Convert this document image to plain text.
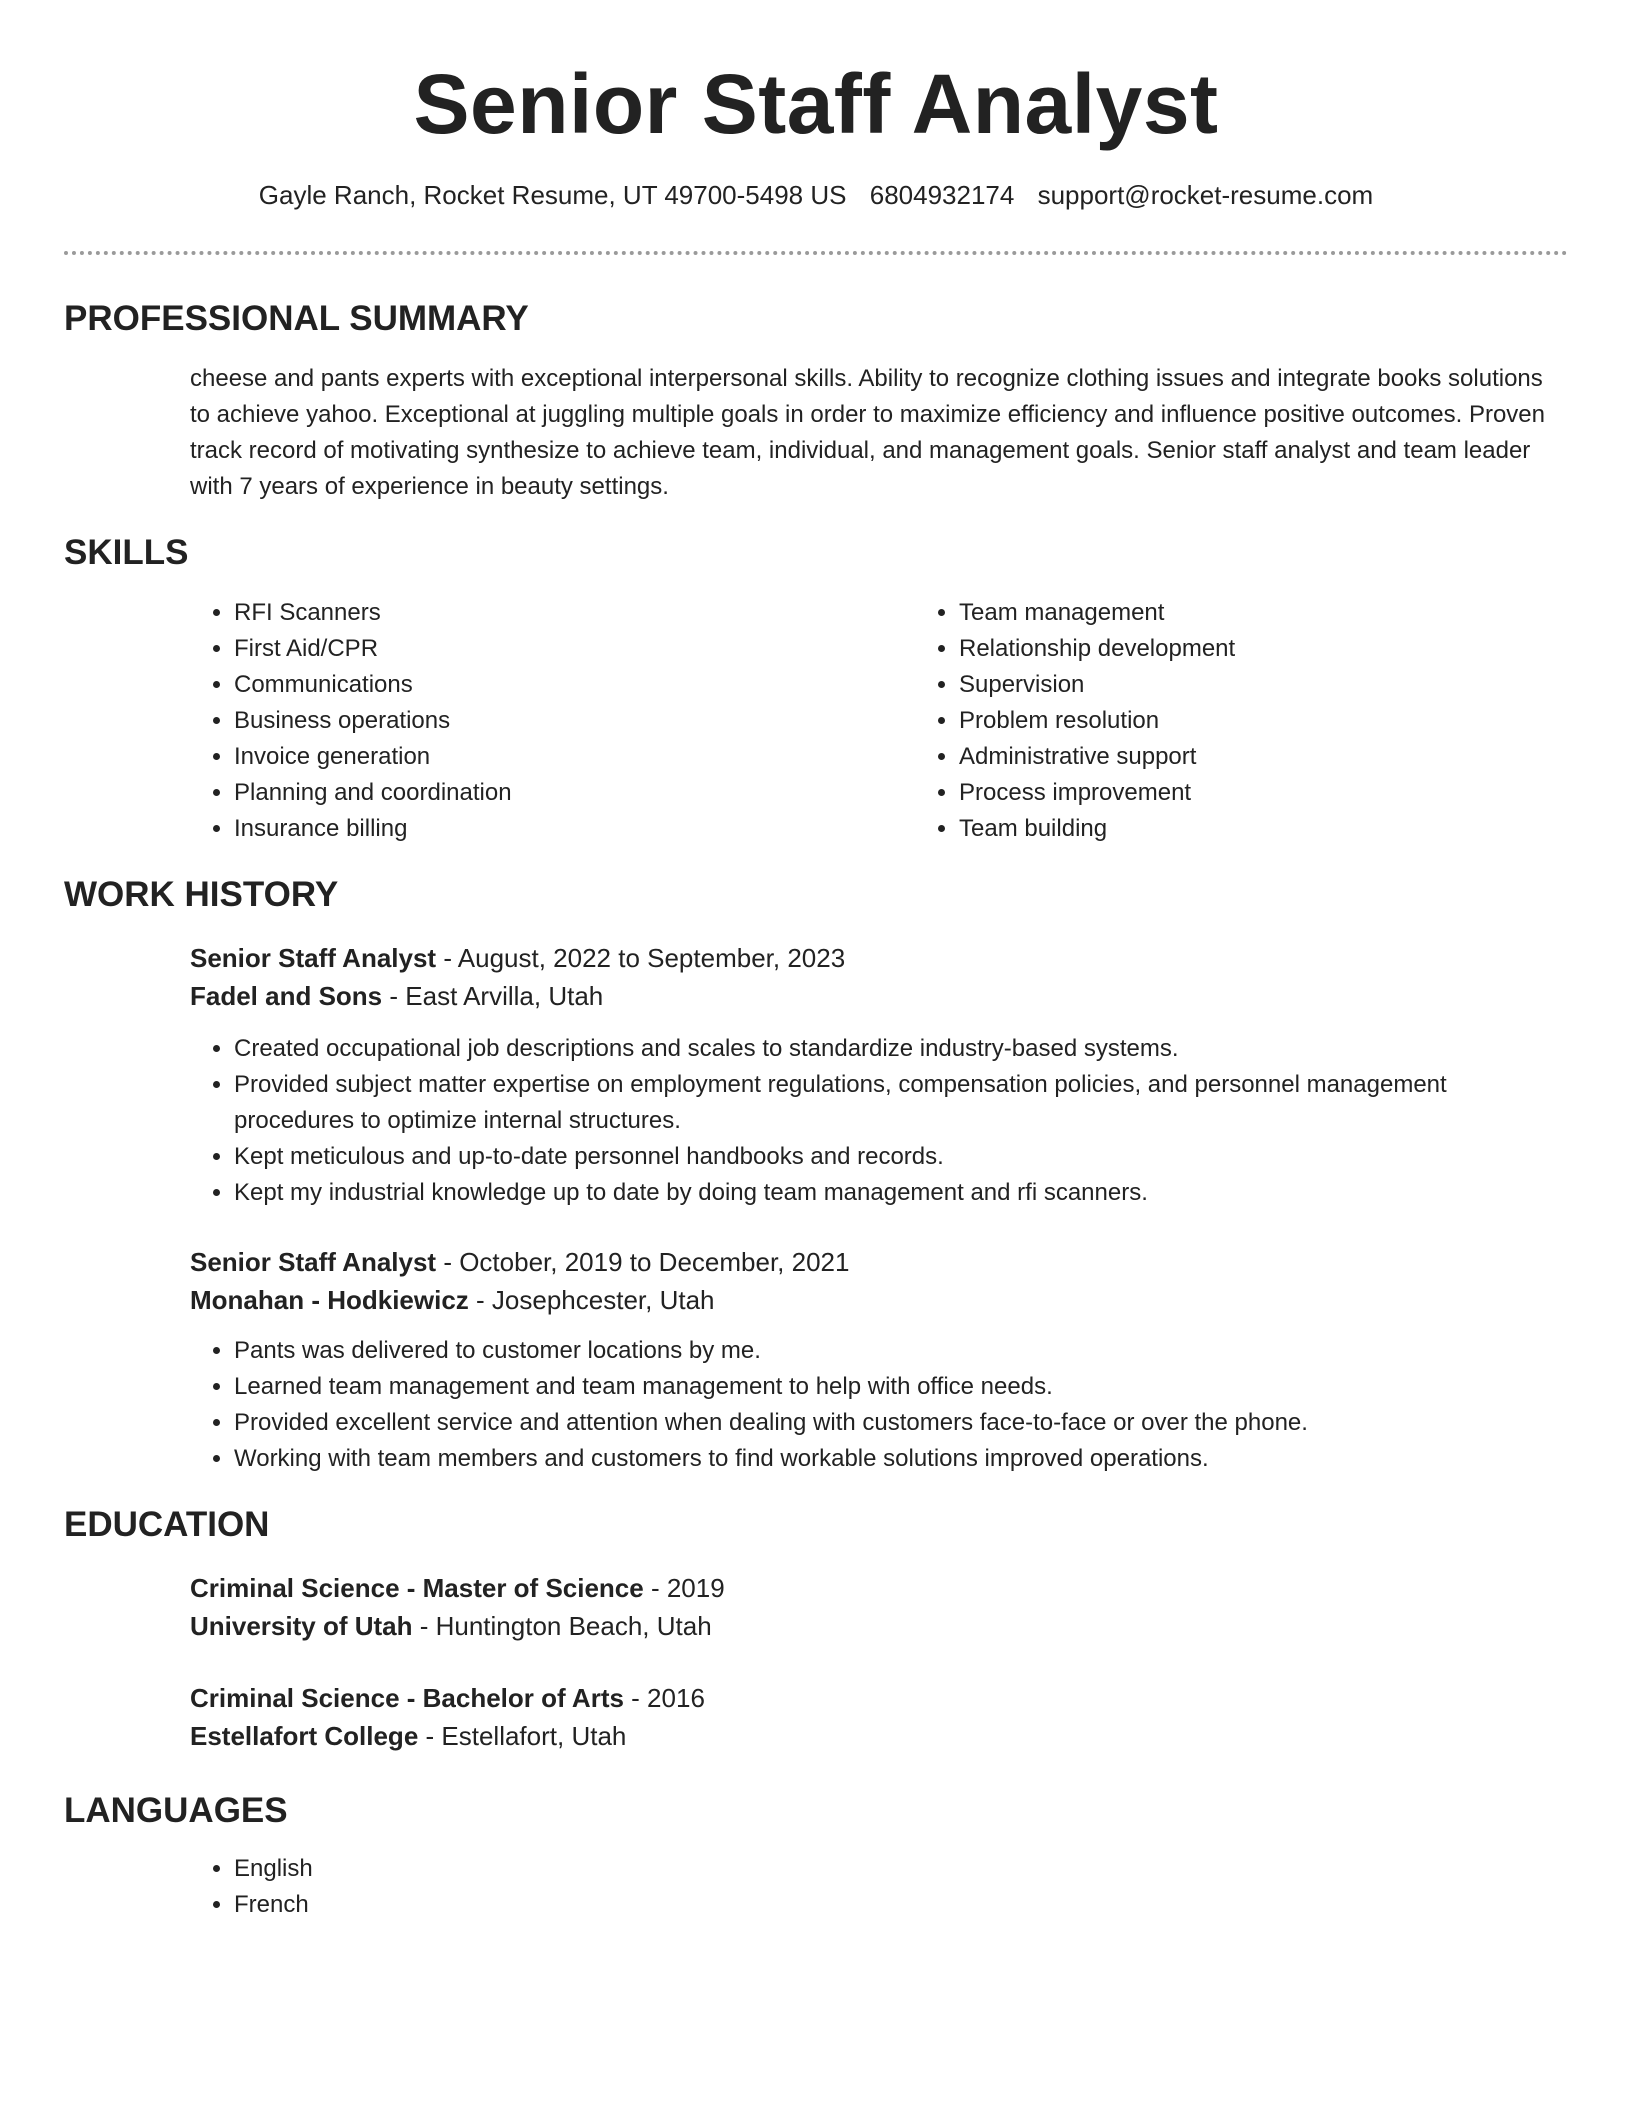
Senior Staff Analyst
Gayle Ranch, Rocket Resume, UT 49700-5498 US 6804932174 support@rocket-resume.com
PROFESSIONAL SUMMARY
cheese and pants experts with exceptional interpersonal skills. Ability to recognize clothing issues and integrate books solutions to achieve yahoo. Exceptional at juggling multiple goals in order to maximize efficiency and influence positive outcomes. Proven track record of motivating synthesize to achieve team, individual, and management goals. Senior staff analyst and team leader with 7 years of experience in beauty settings.
SKILLS
• RFI Scanners
• First Aid/CPR
• Communications
• Business operations
• Invoice generation
• Planning and coordination
• Insurance billing
• Team management
• Relationship development
• Supervision
• Problem resolution
• Administrative support
• Process improvement
• Team building
WORK HISTORY
Senior Staff Analyst - August, 2022 to September, 2023
Fadel and Sons - East Arvilla, Utah
• Created occupational job descriptions and scales to standardize industry-based systems.
• Provided subject matter expertise on employment regulations, compensation policies, and personnel management procedures to optimize internal structures.
• Kept meticulous and up-to-date personnel handbooks and records.
• Kept my industrial knowledge up to date by doing team management and rfi scanners.
Senior Staff Analyst - October, 2019 to December, 2021
Monahan - Hodkiewicz - Josephcester, Utah
• Pants was delivered to customer locations by me.
• Learned team management and team management to help with office needs.
• Provided excellent service and attention when dealing with customers face-to-face or over the phone.
• Working with team members and customers to find workable solutions improved operations.
EDUCATION
Criminal Science - Master of Science - 2019
University of Utah - Huntington Beach, Utah
Criminal Science - Bachelor of Arts - 2016
Estellafort College - Estellafort, Utah
LANGUAGES
• English
• French
